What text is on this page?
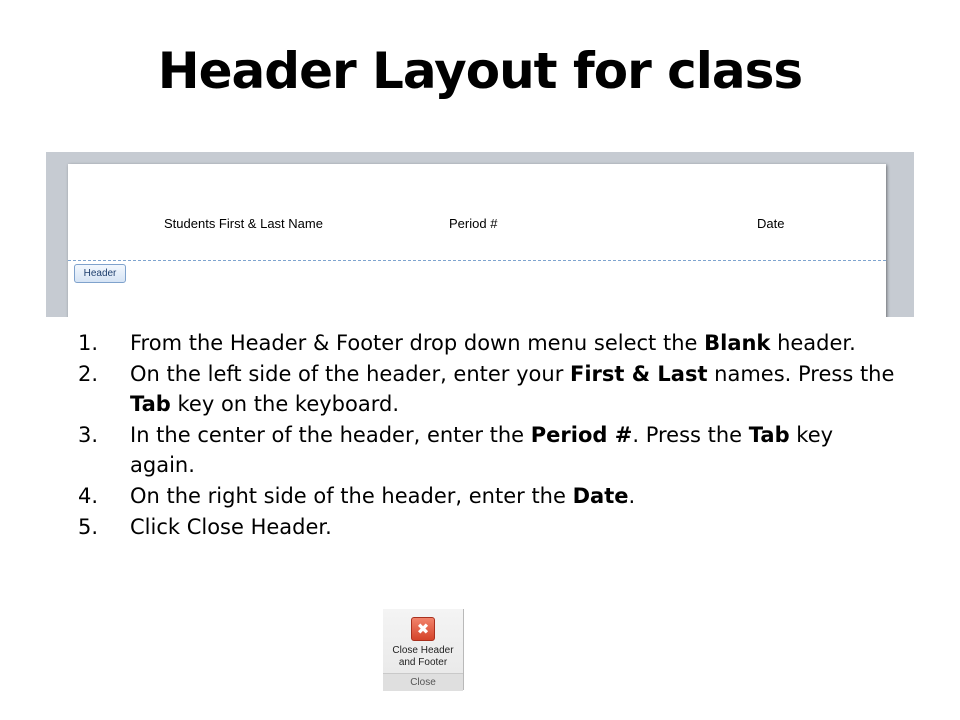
Header Layout for class
Students First & Last Name	Period #	Date
Header
1. From the Header & Footer drop down menu select the Blank header.
2. On the left side of the header, enter your First & Last names. Press the Tab key on the keyboard.
3. In the center of the header, enter the Period #. Press the Tab key again.
4. On the right side of the header, enter the Date.
5. Click Close Header.
✖
Close Header
and Footer
Close
